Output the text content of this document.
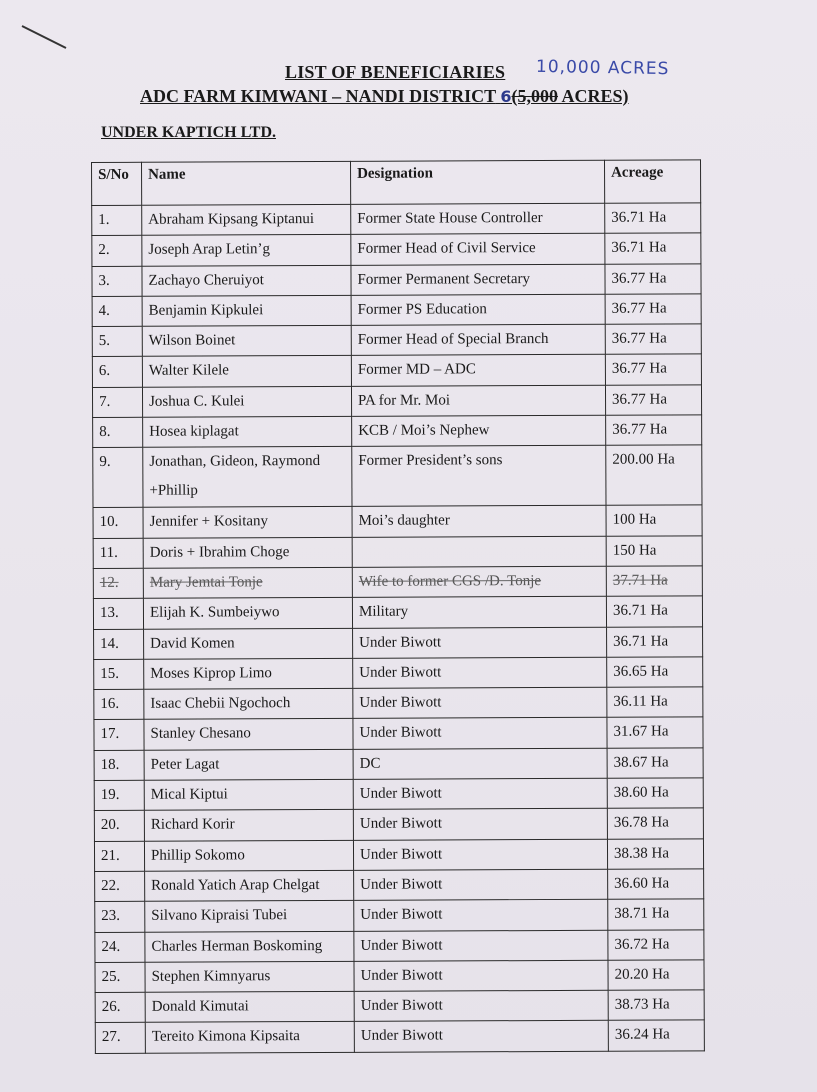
LIST OF BENEFICIARIES 10,000 ACRES
ADC FARM KIMWANI – NANDI DISTRICT 6(5,000 ACRES)
UNDER KAPTICH LTD.
S/No	Name	Designation	Acreage
1.	Abraham Kipsang Kiptanui	Former State House Controller	36.71 Ha
2.	Joseph Arap Letin’g	Former Head of Civil Service	36.71 Ha
3.	Zachayo Cheruiyot	Former Permanent Secretary	36.77 Ha
4.	Benjamin Kipkulei	Former PS Education	36.77 Ha
5.	Wilson Boinet	Former Head of Special Branch	36.77 Ha
6.	Walter Kilele	Former MD – ADC	36.77 Ha
7.	Joshua C. Kulei	PA for Mr. Moi	36.77 Ha
8.	Hosea kiplagat	KCB / Moi’s Nephew	36.77 Ha
9.	Jonathan, Gideon, Raymond +Phillip	Former President’s sons	200.00 Ha
10.	Jennifer + Kositany	Moi’s daughter	100 Ha
11.	Doris + Ibrahim Choge		150 Ha
12.	Mary Jemtai Tonje	Wife to former CGS /D. Tonje	37.71 Ha
13.	Elijah K. Sumbeiywo	Military	36.71 Ha
14.	David Komen	Under Biwott	36.71 Ha
15.	Moses Kiprop Limo	Under Biwott	36.65 Ha
16.	Isaac Chebii Ngochoch	Under Biwott	36.11 Ha
17.	Stanley Chesano	Under Biwott	31.67 Ha
18.	Peter Lagat	DC	38.67 Ha
19.	Mical Kiptui	Under Biwott	38.60 Ha
20.	Richard Korir	Under Biwott	36.78 Ha
21.	Phillip Sokomo	Under Biwott	38.38 Ha
22.	Ronald Yatich Arap Chelgat	Under Biwott	36.60 Ha
23.	Silvano Kipraisi Tubei	Under Biwott	38.71 Ha
24.	Charles Herman Boskoming	Under Biwott	36.72 Ha
25.	Stephen Kimnyarus	Under Biwott	20.20 Ha
26.	Donald Kimutai	Under Biwott	38.73 Ha
27.	Tereito Kimona Kipsaita	Under Biwott	36.24 Ha
